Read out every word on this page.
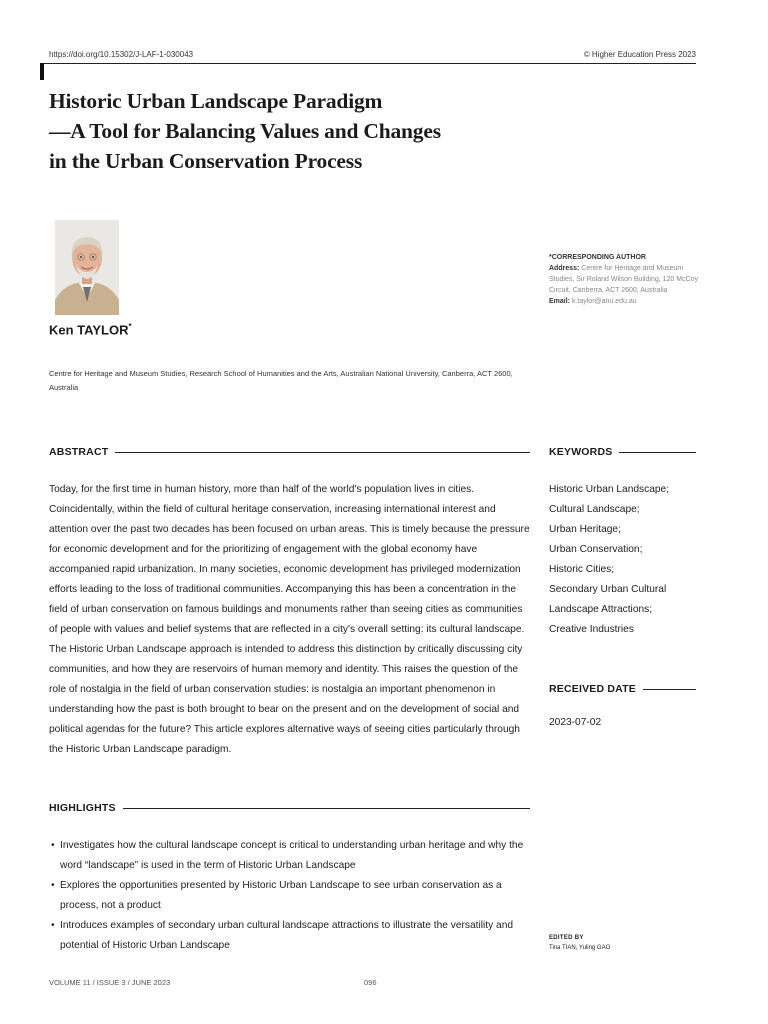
https://doi.org/10.15302/J-LAF-1-030043	© Higher Education Press 2023
Historic Urban Landscape Paradigm
—A Tool for Balancing Values and Changes
in the Urban Conservation Process
Ken TAYLOR*
Centre for Heritage and Museum Studies, Research School of Humanities and the Arts, Australian National University, Canberra, ACT 2600, Australia
*CORRESPONDING AUTHOR
Address: Centre for Heritage and Museum Studies, Sir Roland Wilson Building, 120 McCoy Circuit, Canberra, ACT 2600, Australia
Email: k.taylor@anu.edu.au
ABSTRACT
Today, for the first time in human history, more than half of the world's population lives in cities. Coincidentally, within the field of cultural heritage conservation, increasing international interest and attention over the past two decades has been focused on urban areas. This is timely because the pressure for economic development and for the prioritizing of engagement with the global economy have accompanied rapid urbanization. In many societies, economic development has privileged modernization efforts leading to the loss of traditional communities. Accompanying this has been a concentration in the field of urban conservation on famous buildings and monuments rather than seeing cities as communities of people with values and belief systems that are reflected in a city's overall setting: its cultural landscape. The Historic Urban Landscape approach is intended to address this distinction by critically discussing city communities, and how they are reservoirs of human memory and identity. This raises the question of the role of nostalgia in the field of urban conservation studies: is nostalgia an important phenomenon in understanding how the past is both brought to bear on the present and on the development of social and political agendas for the future? This article explores alternative ways of seeing cities particularly through the Historic Urban Landscape paradigm.
KEYWORDS
Historic Urban Landscape;
Cultural Landscape;
Urban Heritage;
Urban Conservation;
Historic Cities;
Secondary Urban Cultural
Landscape Attractions;
Creative Industries
RECEIVED DATE
2023-07-02
HIGHLIGHTS
• Investigates how the cultural landscape concept is critical to understanding urban heritage and why the word “landscape” is used in the term of Historic Urban Landscape
• Explores the opportunities presented by Historic Urban Landscape to see urban conservation as a process, not a product
• Introduces examples of secondary urban cultural landscape attractions to illustrate the versatility and potential of Historic Urban Landscape
EDITED BY
Tina TIAN, Yuling GAO
VOLUME 11 / ISSUE 3 / JUNE 2023	096
